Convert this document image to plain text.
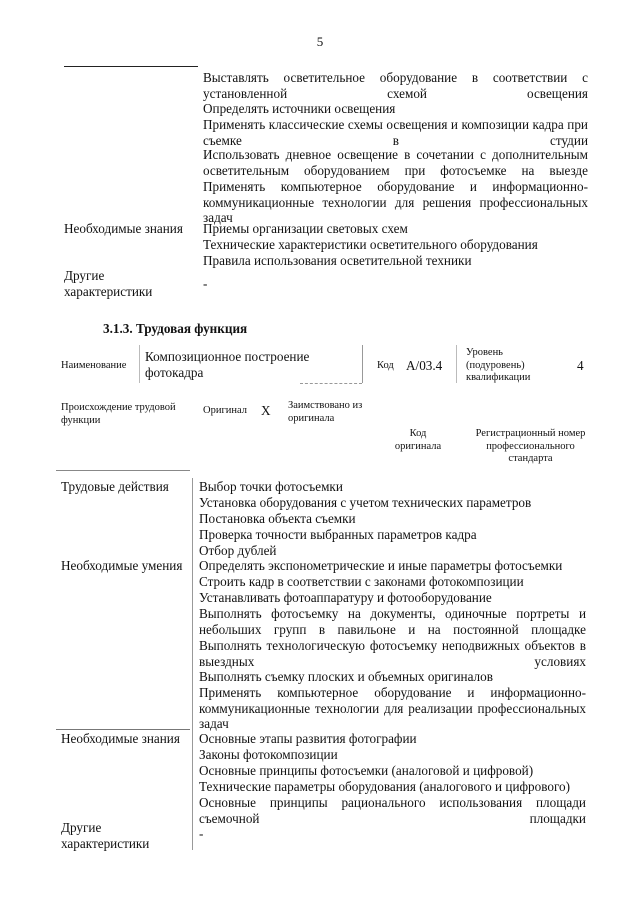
5
Выставлять осветительное оборудование в соответствии с установленной схемой освещения
Определять источники освещения
Применять классические схемы освещения и композиции кадра при съемке в студии
Использовать дневное освещение в сочетании с дополнительным осветительным оборудованием при фотосъемке на выезде
Применять компьютерное оборудование и информационно-коммуникационные технологии для решения профессиональных задач
Необходимые знания Приемы организации световых схем
Технические характеристики осветительного оборудования
Правила использования осветительной техники
Другие характеристики	-
3.1.3. Трудовая функция
Наименование
Композиционное построение фотокадра	Код А/03.4
Уровень (подуровень) квалификации
4
Происхождение трудовой функции
Оригинал X Заимствовано из оригинала
Код оригинала
Регистрационный номер профессионального стандарта
Трудовые действия Выбор точки фотосъемки
Установка оборудования с учетом технических параметров
Постановка объекта съемки
Проверка точности выбранных параметров кадра
Отбор дублей
Необходимые умения Определять экспонометрические и иные параметры фотосъемки
Строить кадр в соответствии с законами фотокомпозиции
Устанавливать фотоаппаратуру и фотооборудование
Выполнять фотосъемку на документы, одиночные портреты и небольших групп в павильоне и на постоянной площадке
Выполнять технологическую фотосъемку неподвижных объектов в выездных условиях
Выполнять съемку плоских и объемных оригиналов
Применять компьютерное оборудование и информационно-коммуникационные технологии для реализации профессиональных задач
Необходимые знания Основные этапы развития фотографии
Законы фотокомпозиции
Основные принципы фотосъемки (аналоговой и цифровой)
Технические параметры оборудования (аналогового и цифрового)
Основные принципы рационального использования площади съемочной площадки
Другие характеристики
-
